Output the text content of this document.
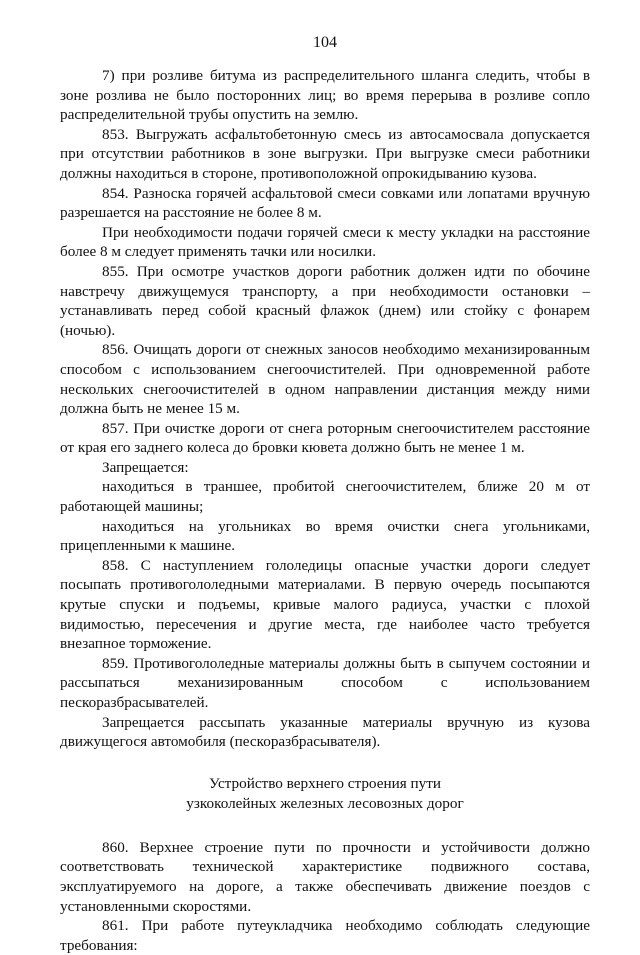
104

7) при розливе битума из распределительного шланга следить, чтобы в зоне розлива не было посторонних лиц; во время перерыва в розливе сопло распределительной трубы опустить на землю.

853. Выгружать асфальтобетонную смесь из автосамосвала допускается при отсутствии работников в зоне выгрузки. При выгрузке смеси работники должны находиться в стороне, противоположной опрокидыванию кузова.

854. Разноска горячей асфальтовой смеси совками или лопатами вручную разрешается на расстояние не более 8 м.

При необходимости подачи горячей смеси к месту укладки на расстояние более 8 м следует применять тачки или носилки.

855. При осмотре участков дороги работник должен идти по обочине навстречу движущемуся транспорту, а при необходимости остановки – устанавливать перед собой красный флажок (днем) или стойку с фонарем (ночью).

856. Очищать дороги от снежных заносов необходимо механизированным способом с использованием снегоочистителей. При одновременной работе нескольких снегоочистителей в одном направлении дистанция между ними должна быть не менее 15 м.

857. При очистке дороги от снега роторным снегоочистителем расстояние от края его заднего колеса до бровки кювета должно быть не менее 1 м.

Запрещается:

находиться в траншее, пробитой снегоочистителем, ближе 20 м от работающей машины;

находиться на угольниках во время очистки снега угольниками, прицепленными к машине.

858. С наступлением гололедицы опасные участки дороги следует посыпать противогололедными материалами. В первую очередь посыпаются крутые спуски и подъемы, кривые малого радиуса, участки с плохой видимостью, пересечения и другие места, где наиболее часто требуется внезапное торможение.

859. Противогололедные материалы должны быть в сыпучем состоянии и рассыпаться механизированным способом с использованием пескоразбрасывателей.

Запрещается рассыпать указанные материалы вручную из кузова движущегося автомобиля (пескоразбрасывателя).

Устройство верхнего строения пути
узкоколейных железных лесовозных дорог

860. Верхнее строение пути по прочности и устойчивости должно соответствовать технической характеристике подвижного состава, эксплуатируемого на дороге, а также обеспечивать движение поездов с установленными скоростями.

861. При работе путеукладчика необходимо соблюдать следующие требования:
